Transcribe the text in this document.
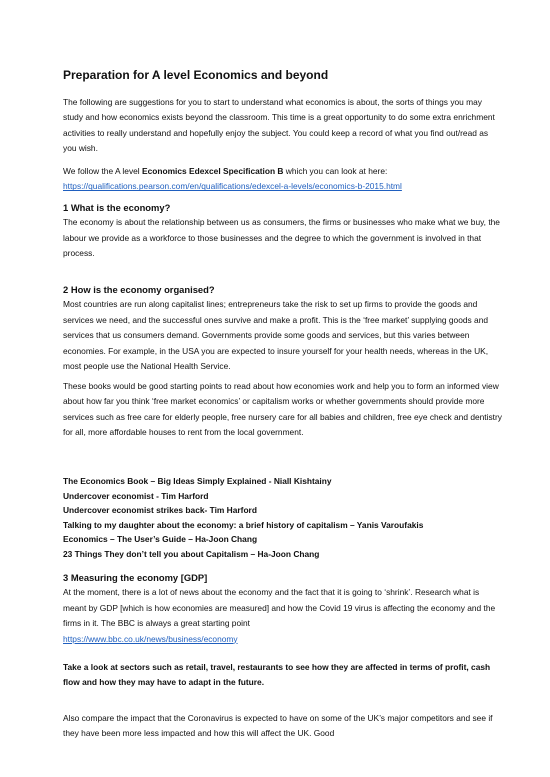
Preparation for A level Economics and beyond

The following are suggestions for you to start to understand what economics is about, the sorts of things you may study and how economics exists beyond the classroom. This time is a great opportunity to do some extra enrichment activities to really understand and hopefully enjoy the subject. You could keep a record of what you find out/read as you wish.

We follow the A level Economics Edexcel Specification B which you can look at here:

https://qualifications.pearson.com/en/qualifications/edexcel-a-levels/economics-b-2015.html

1 What is the economy?

The economy is about the relationship between us as consumers, the firms or businesses who make what we buy, the labour we provide as a workforce to those businesses and the degree to which the government is involved in that process.

2 How is the economy organised?

Most countries are run along capitalist lines; entrepreneurs take the risk to set up firms to provide the goods and services we need, and the successful ones survive and make a profit. This is the ‘free market’ supplying goods and services that us consumers demand. Governments provide some goods and services, but this varies between economies. For example, in the USA you are expected to insure yourself for your health needs, whereas in the UK, most people use the National Health Service.

These books would be good starting points to read about how economies work and help you to form an informed view about how far you think ‘free market economics’ or capitalism works or whether governments should provide more services such as free care for elderly people, free nursery care for all babies and children, free eye check and dentistry for all, more affordable houses to rent from the local government.

The Economics Book – Big Ideas Simply Explained - Niall Kishtainy
Undercover economist - Tim Harford
Undercover economist strikes back- Tim Harford
Talking to my daughter about the economy: a brief history of capitalism – Yanis Varoufakis
Economics – The User’s Guide – Ha-Joon Chang
23 Things They don’t tell you about Capitalism – Ha-Joon Chang
3 Measuring the economy [GDP]

At the moment, there is a lot of news about the economy and the fact that it is going to ‘shrink’. Research what is meant by GDP [which is how economies are measured] and how the Covid 19 virus is affecting the economy and the firms in it. The BBC is always a great starting point

https://www.bbc.co.uk/news/business/economy

Take a look at sectors such as retail, travel, restaurants to see how they are affected in terms of profit, cash flow and how they may have to adapt in the future.

Also compare the impact that the Coronavirus is expected to have on some of the UK’s major competitors and see if they have been more less impacted and how this will affect the UK. Good
